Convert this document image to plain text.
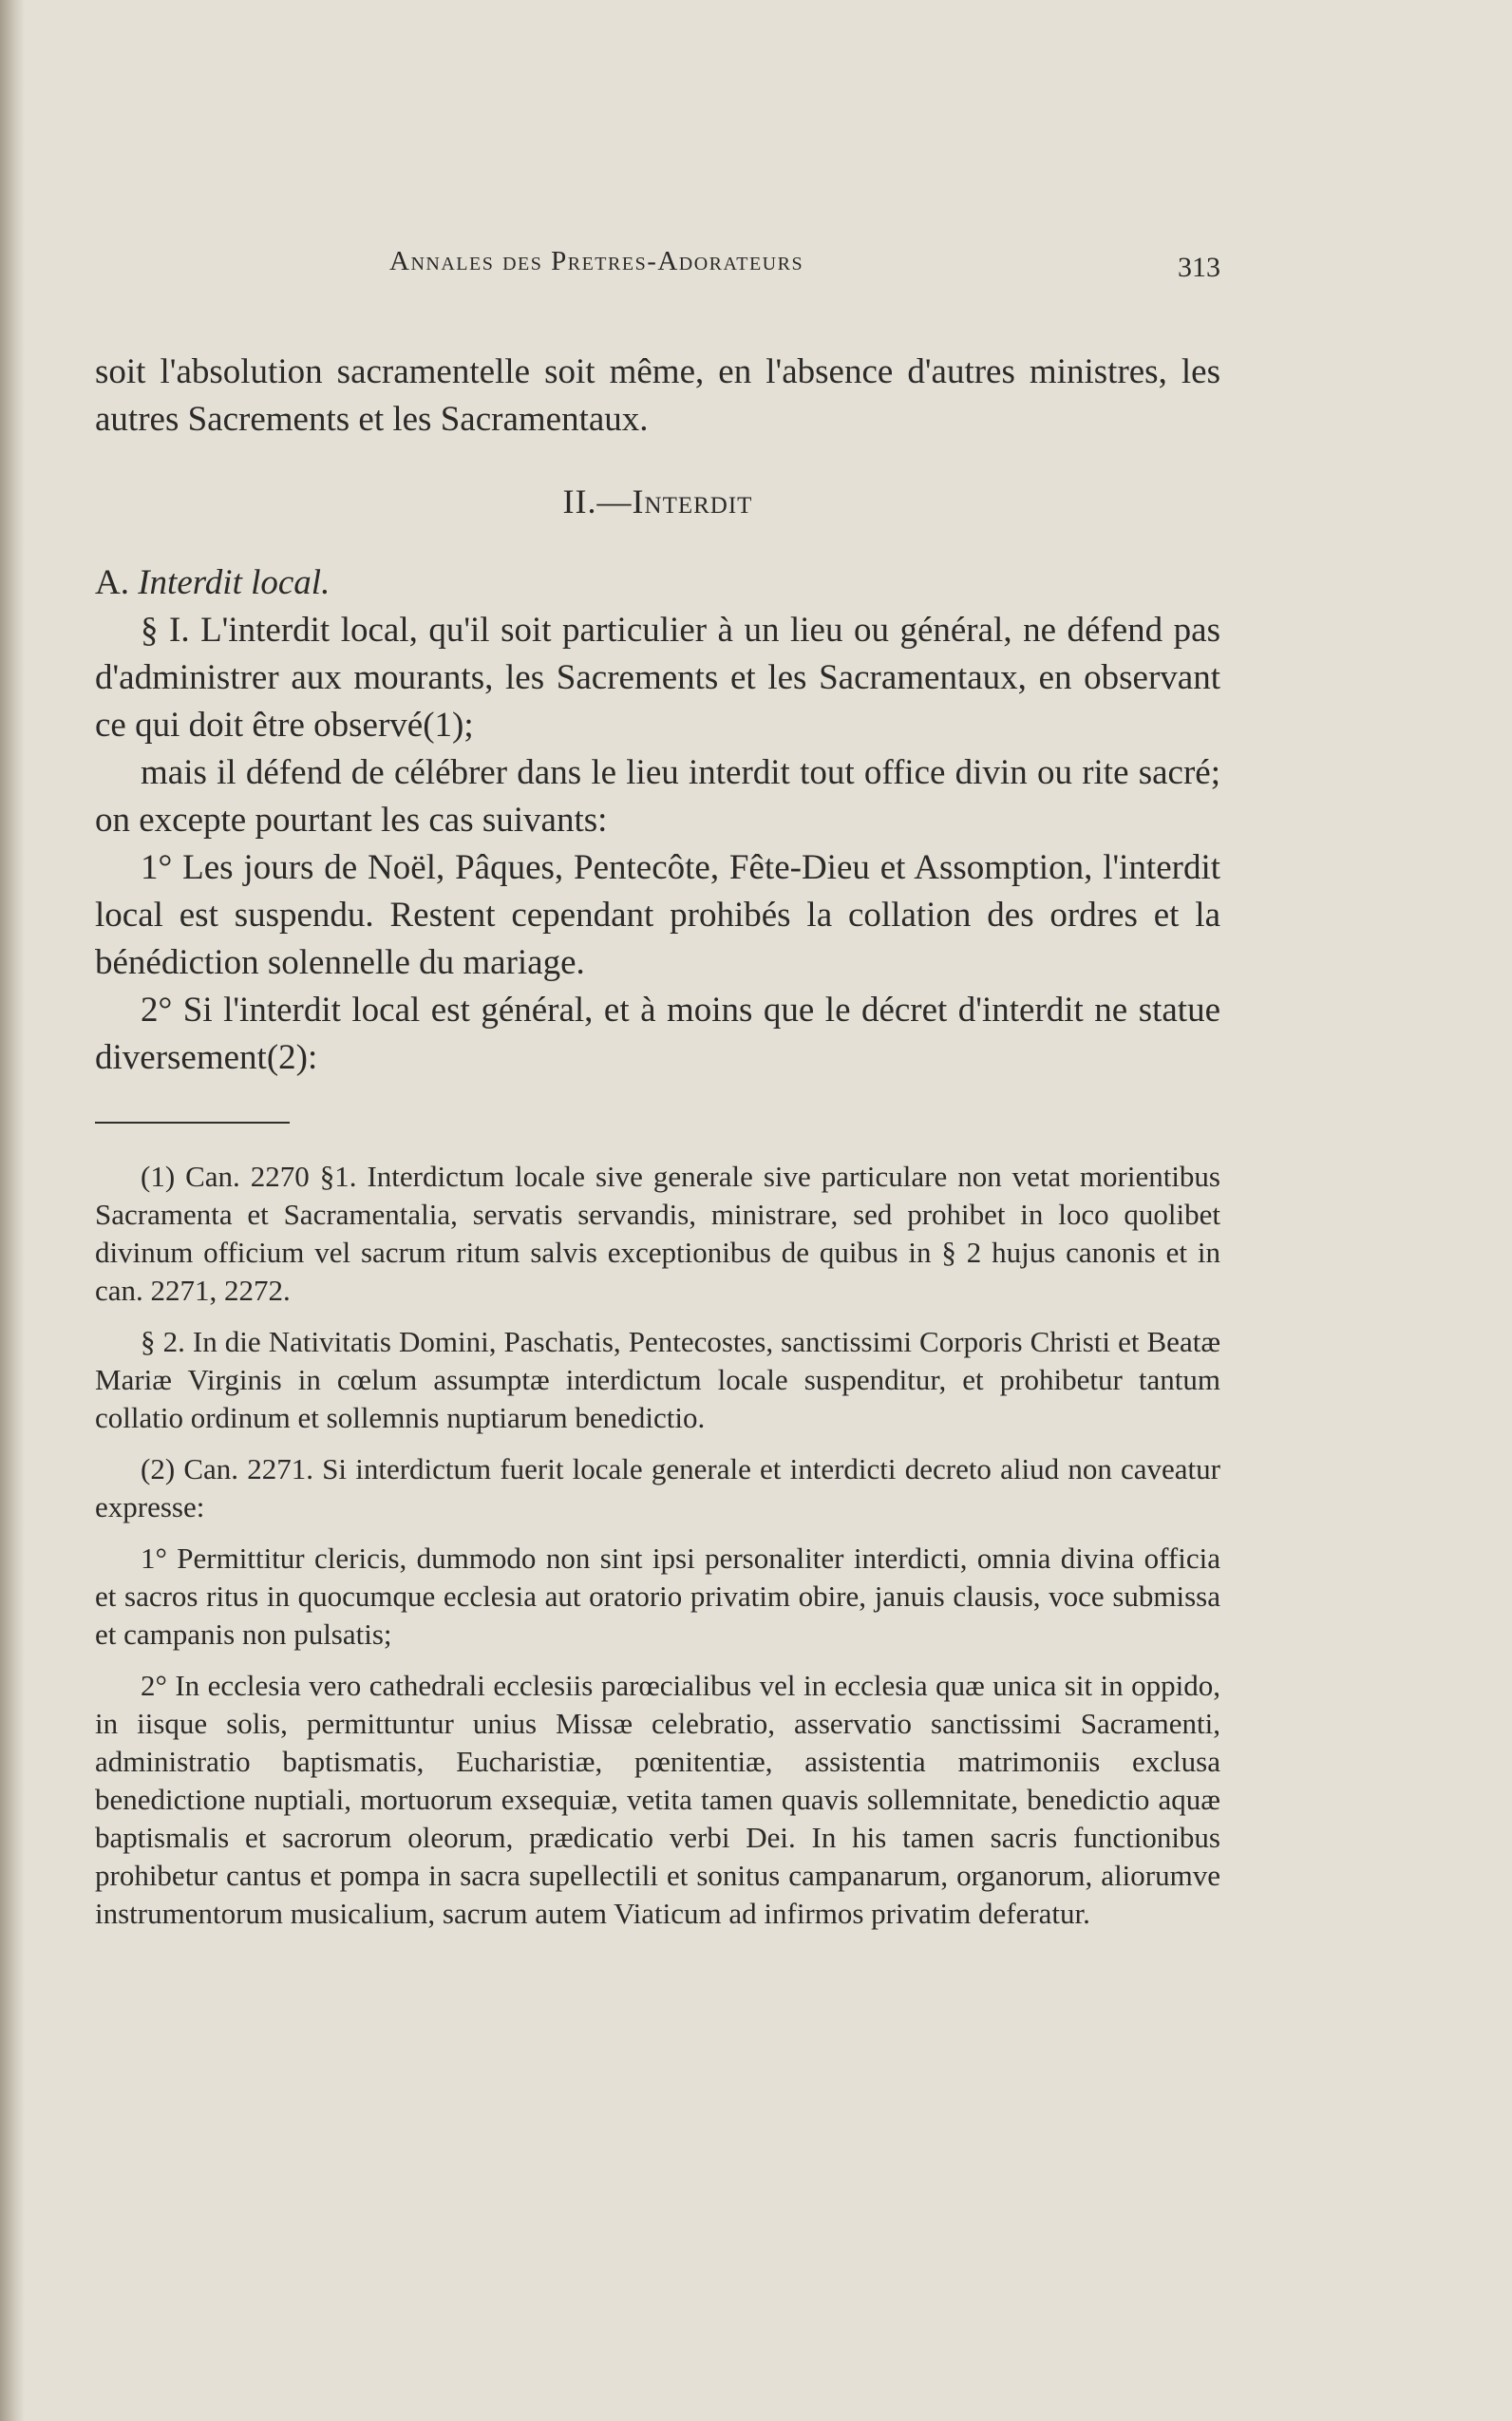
Annales des Pretres-Adorateurs	313

soit l'absolution sacramentelle soit même, en l'absence d'autres ministres, les autres Sacrements et les Sacramentaux.

II.—Interdit

A. Interdit local.

§ I. L'interdit local, qu'il soit particulier à un lieu ou général, ne défend pas d'administrer aux mourants, les Sacrements et les Sacramentaux, en observant ce qui doit être observé(1);

mais il défend de célébrer dans le lieu interdit tout office divin ou rite sacré; on excepte pourtant les cas suivants:

1° Les jours de Noël, Pâques, Pentecôte, Fête-Dieu et Assomption, l'interdit local est suspendu. Restent cependant prohibés la collation des ordres et la bénédiction solennelle du mariage.

2° Si l'interdit local est général, et à moins que le décret d'interdit ne statue diversement(2):

(1) Can. 2270 §1. Interdictum locale sive generale sive particulare non vetat morientibus Sacramenta et Sacramentalia, servatis servandis, ministrare, sed prohibet in loco quolibet divinum officium vel sacrum ritum salvis exceptionibus de quibus in § 2 hujus canonis et in can. 2271, 2272.

§ 2. In die Nativitatis Domini, Paschatis, Pentecostes, sanctissimi Corporis Christi et Beatæ Mariæ Virginis in cœlum assumptæ interdictum locale suspenditur, et prohibetur tantum collatio ordinum et sollemnis nuptiarum benedictio.

(2) Can. 2271. Si interdictum fuerit locale generale et interdicti decreto aliud non caveatur expresse:

1° Permittitur clericis, dummodo non sint ipsi personaliter interdicti, omnia divina officia et sacros ritus in quocumque ecclesia aut oratorio privatim obire, januis clausis, voce submissa et campanis non pulsatis;

2° In ecclesia vero cathedrali ecclesiis parœcialibus vel in ecclesia quæ unica sit in oppido, in iisque solis, permittuntur unius Missæ celebratio, asservatio sanctissimi Sacramenti, administratio baptismatis, Eucharistiæ, pœnitentiæ, assistentia matrimoniis exclusa benedictione nuptiali, mortuorum exsequiæ, vetita tamen quavis sollemnitate, benedictio aquæ baptismalis et sacrorum oleorum, prædicatio verbi Dei. In his tamen sacris functionibus prohibetur cantus et pompa in sacra supellectili et sonitus campanarum, organorum, aliorumve instrumentorum musicalium, sacrum autem Viaticum ad infirmos privatim deferatur.
